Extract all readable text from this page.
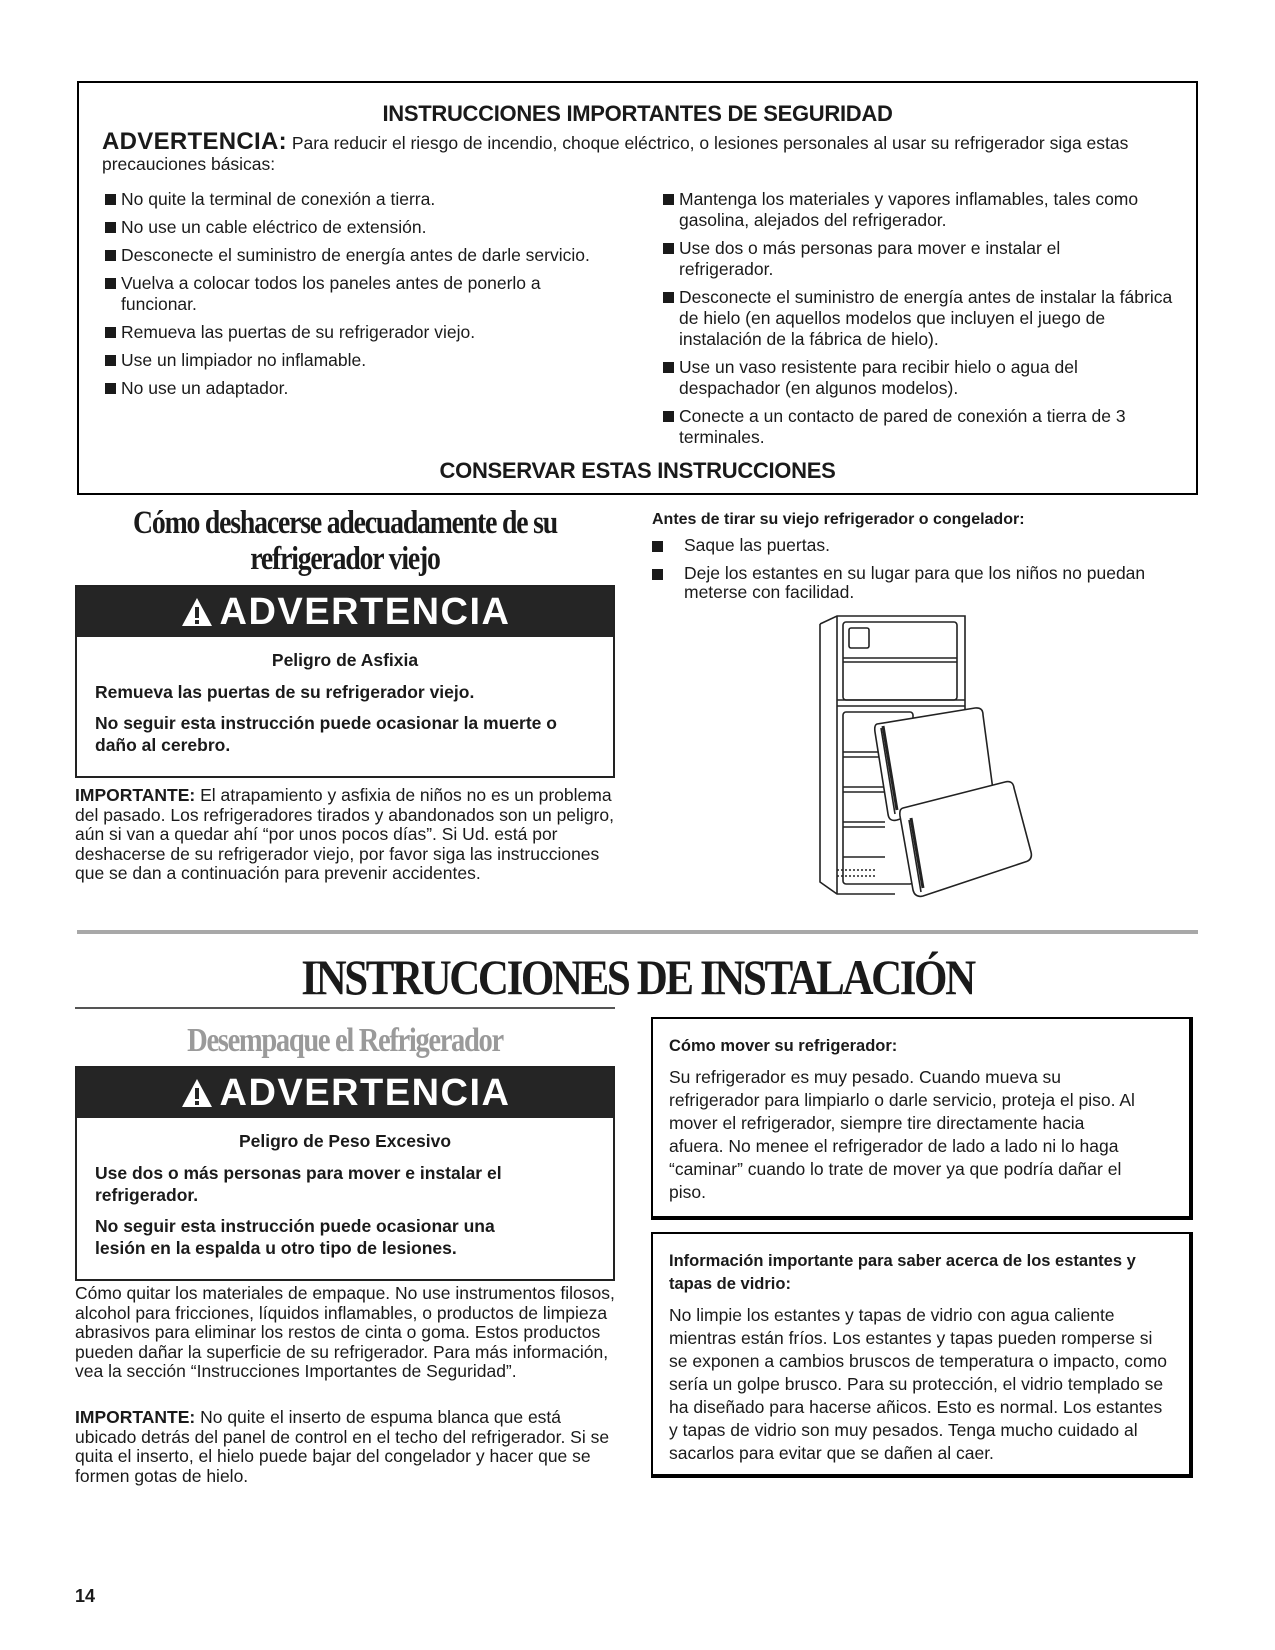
INSTRUCCIONES IMPORTANTES DE SEGURIDAD
ADVERTENCIA: Para reducir el riesgo de incendio, choque eléctrico, o lesiones personales al usar su refrigerador siga estas precauciones básicas:
No quite la terminal de conexión a tierra.
No use un cable eléctrico de extensión.
Desconecte el suministro de energía antes de darle servicio.
Vuelva a colocar todos los paneles antes de ponerlo a funcionar.
Remueva las puertas de su refrigerador viejo.
Use un limpiador no inflamable.
No use un adaptador.
Mantenga los materiales y vapores inflamables, tales como gasolina, alejados del refrigerador.
Use dos o más personas para mover e instalar el refrigerador.
Desconecte el suministro de energía antes de instalar la fábrica de hielo (en aquellos modelos que incluyen el juego de instalación de la fábrica de hielo).
Use un vaso resistente para recibir hielo o agua del despachador (en algunos modelos).
Conecte a un contacto de pared de conexión a tierra de 3 terminales.
CONSERVAR ESTAS INSTRUCCIONES
Cómo deshacerse adecuadamente de su refrigerador viejo
ADVERTENCIA

Peligro de Asfixia

Remueva las puertas de su refrigerador viejo.

No seguir esta instrucción puede ocasionar la muerte o daño al cerebro.

IMPORTANTE: El atrapamiento y asfixia de niños no es un problema del pasado. Los refrigeradores tirados y abandonados son un peligro, aún si van a quedar ahí “por unos pocos días”. Si Ud. está por deshacerse de su refrigerador viejo, por favor siga las instrucciones que se dan a continuación para prevenir accidentes.
Antes de tirar su viejo refrigerador o congelador:
Saque las puertas.
Deje los estantes en su lugar para que los niños no puedan meterse con facilidad.
INSTRUCCIONES DE INSTALACIÓN
Desempaque el Refrigerador
ADVERTENCIA

Peligro de Peso Excesivo

Use dos o más personas para mover e instalar el refrigerador.

No seguir esta instrucción puede ocasionar una lesión en la espalda u otro tipo de lesiones.

Cómo quitar los materiales de empaque. No use instrumentos filosos, alcohol para fricciones, líquidos inflamables, o productos de limpieza abrasivos para eliminar los restos de cinta o goma. Estos productos pueden dañar la superficie de su refrigerador. Para más información, vea la sección “Instrucciones Importantes de Seguridad”.
IMPORTANTE: No quite el inserto de espuma blanca que está ubicado detrás del panel de control en el techo del refrigerador. Si se quita el inserto, el hielo puede bajar del congelador y hacer que se formen gotas de hielo.
Cómo mover su refrigerador:
Su refrigerador es muy pesado. Cuando mueva su refrigerador para limpiarlo o darle servicio, proteja el piso. Al mover el refrigerador, siempre tire directamente hacia afuera. No menee el refrigerador de lado a lado ni lo haga “caminar” cuando lo trate de mover ya que podría dañar el piso.
Información importante para saber acerca de los estantes y tapas de vidrio:
No limpie los estantes y tapas de vidrio con agua caliente mientras están fríos. Los estantes y tapas pueden romperse si se exponen a cambios bruscos de temperatura o impacto, como sería un golpe brusco. Para su protección, el vidrio templado se ha diseñado para hacerse añicos. Esto es normal. Los estantes y tapas de vidrio son muy pesados. Tenga mucho cuidado al sacarlos para evitar que se dañen al caer.
14
